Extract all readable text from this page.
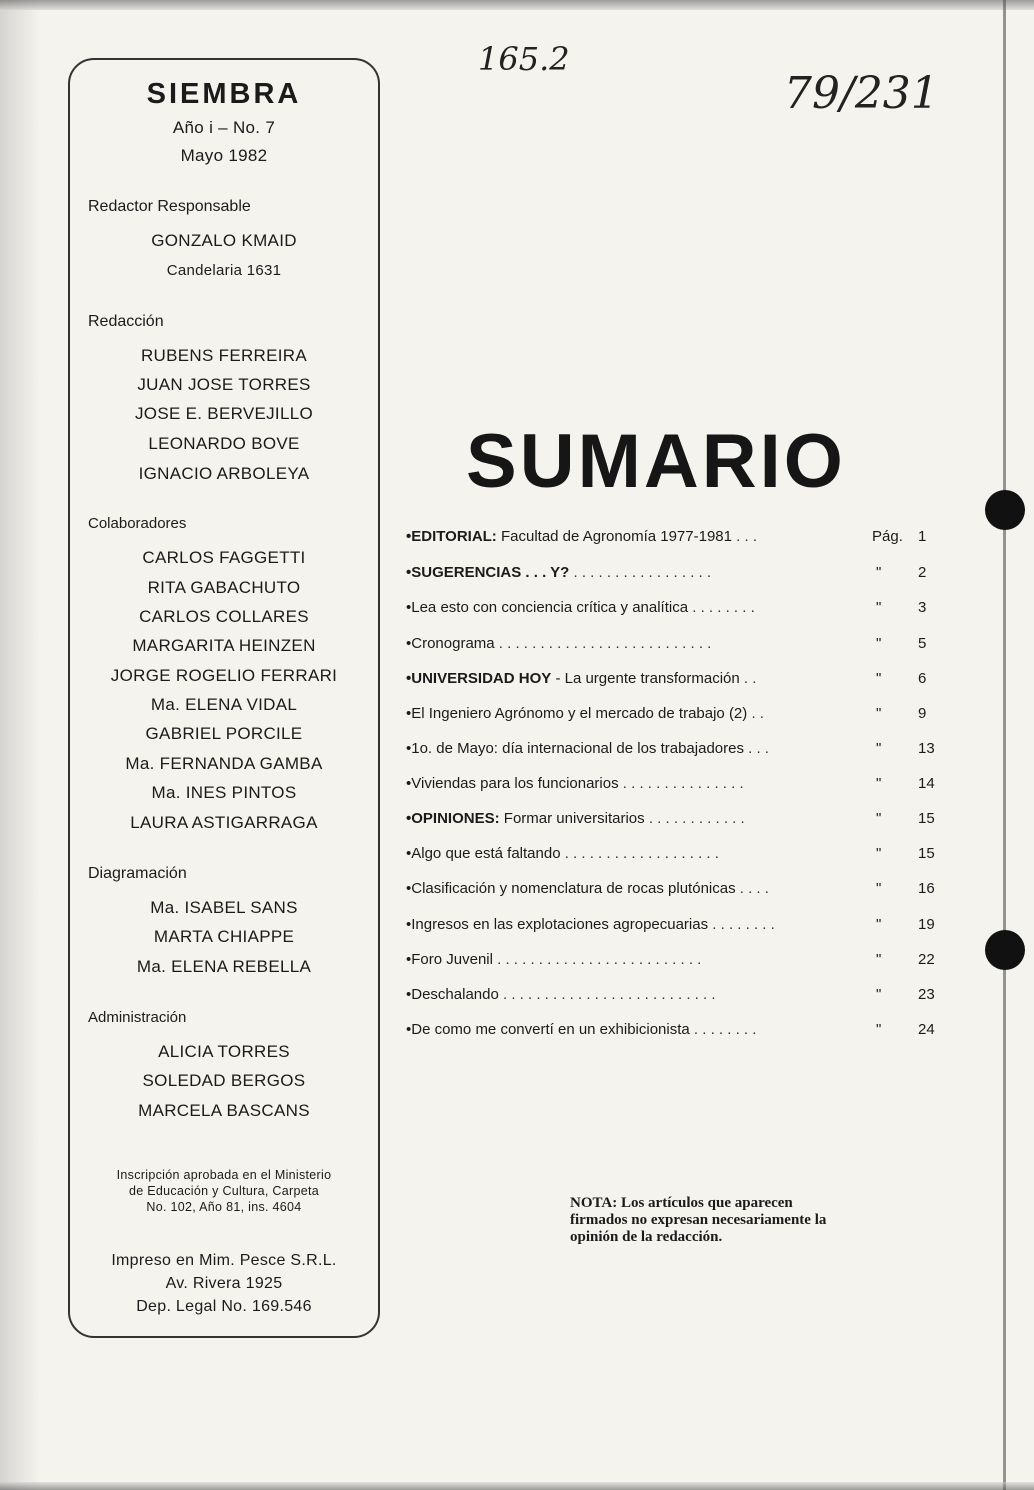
165.2
79/231
SIEMBRA
Año i – No. 7
Mayo 1982
Redactor Responsable
GONZALO KMAID
Candelaria 1631
Redacción
RUBENS FERREIRA
JUAN JOSE TORRES
JOSE E. BERVEJILLO
LEONARDO BOVE
IGNACIO ARBOLEYA
Colaboradores
CARLOS FAGGETTI
RITA GABACHUTO
CARLOS COLLARES
MARGARITA HEINZEN
JORGE ROGELIO FERRARI
Ma. ELENA VIDAL
GABRIEL PORCILE
Ma. FERNANDA GAMBA
Ma. INES PINTOS
LAURA ASTIGARRAGA
Diagramación
Ma. ISABEL SANS
MARTA CHIAPPE
Ma. ELENA REBELLA
Administración
ALICIA TORRES
SOLEDAD BERGOS
MARCELA BASCANS
Inscripción aprobada en el Ministerio
de Educación y Cultura, Carpeta
No. 102, Año 81, ins. 4604
Impreso en Mim. Pesce S.R.L.
Av. Rivera 1925
Dep. Legal No. 169.546
SUMARIO
•EDITORIAL: Facultad de Agronomía 1977-1981 . . .	Pág. 1
•SUGERENCIAS . . . Y? . . . . . . . . . . . . . . . . .	" 2
•Lea esto con conciencia crítica y analítica . . . . . . . .	" 3
•Cronograma . . . . . . . . . . . . . . . . . . . . . . . . . .	" 5
•UNIVERSIDAD HOY - La urgente transformación . .	" 6
•El Ingeniero Agrónomo y el mercado de trabajo (2) . .	" 9
•1o. de Mayo: día internacional de los trabajadores . . .	" 13
•Viviendas para los funcionarios . . . . . . . . . . . . . . .	" 14
•OPINIONES: Formar universitarios . . . . . . . . . . . .	" 15
•Algo que está faltando . . . . . . . . . . . . . . . . . . .	" 15
•Clasificación y nomenclatura de rocas plutónicas . . . .	" 16
•Ingresos en las explotaciones agropecuarias . . . . . . . .	" 19
•Foro Juvenil . . . . . . . . . . . . . . . . . . . . . . . . .	" 22
•Deschalando . . . . . . . . . . . . . . . . . . . . . . . . . .	" 23
•De como me convertí en un exhibicionista . . . . . . . .	" 24
NOTA: Los artículos que aparecen firmados no expresan necesariamente la opinión de la redacción.
